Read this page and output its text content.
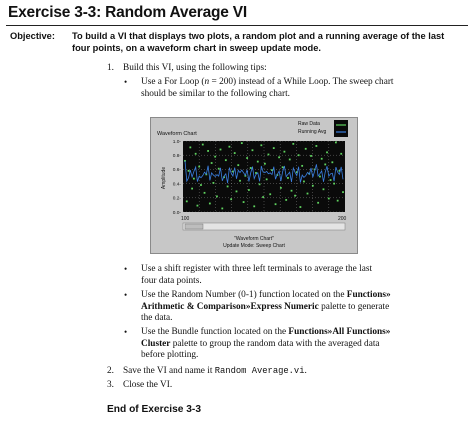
Exercise 3-3: Random Average VI
Objective: To build a VI that displays two plots, a random plot and a running average of the last four points, on a waveform chart in sweep update mode.
1. Build this VI, using the following tips:
• Use a For Loop (n = 200) instead of a While Loop. The sweep chart
should be similar to the following chart.
Waveform Chart
Raw Data
Running Avg
Amplitude
1.0-
0.8-
0.6-
0.4-
0.2-
0.0-
100	200
"Waveform Chart"
Update Mode: Sweep Chart
• Use a shift register with three left terminals to average the last
four data points.
• Use the Random Number (0-1) function located on the Functions»
Arithmetic & Comparison»Express Numeric palette to generate
the data.
• Use the Bundle function located on the Functions»All Functions»
Cluster palette to group the random data with the averaged data
before plotting.
2. Save the VI and name it Random Average.vi.
3. Close the VI.
End of Exercise 3-3
